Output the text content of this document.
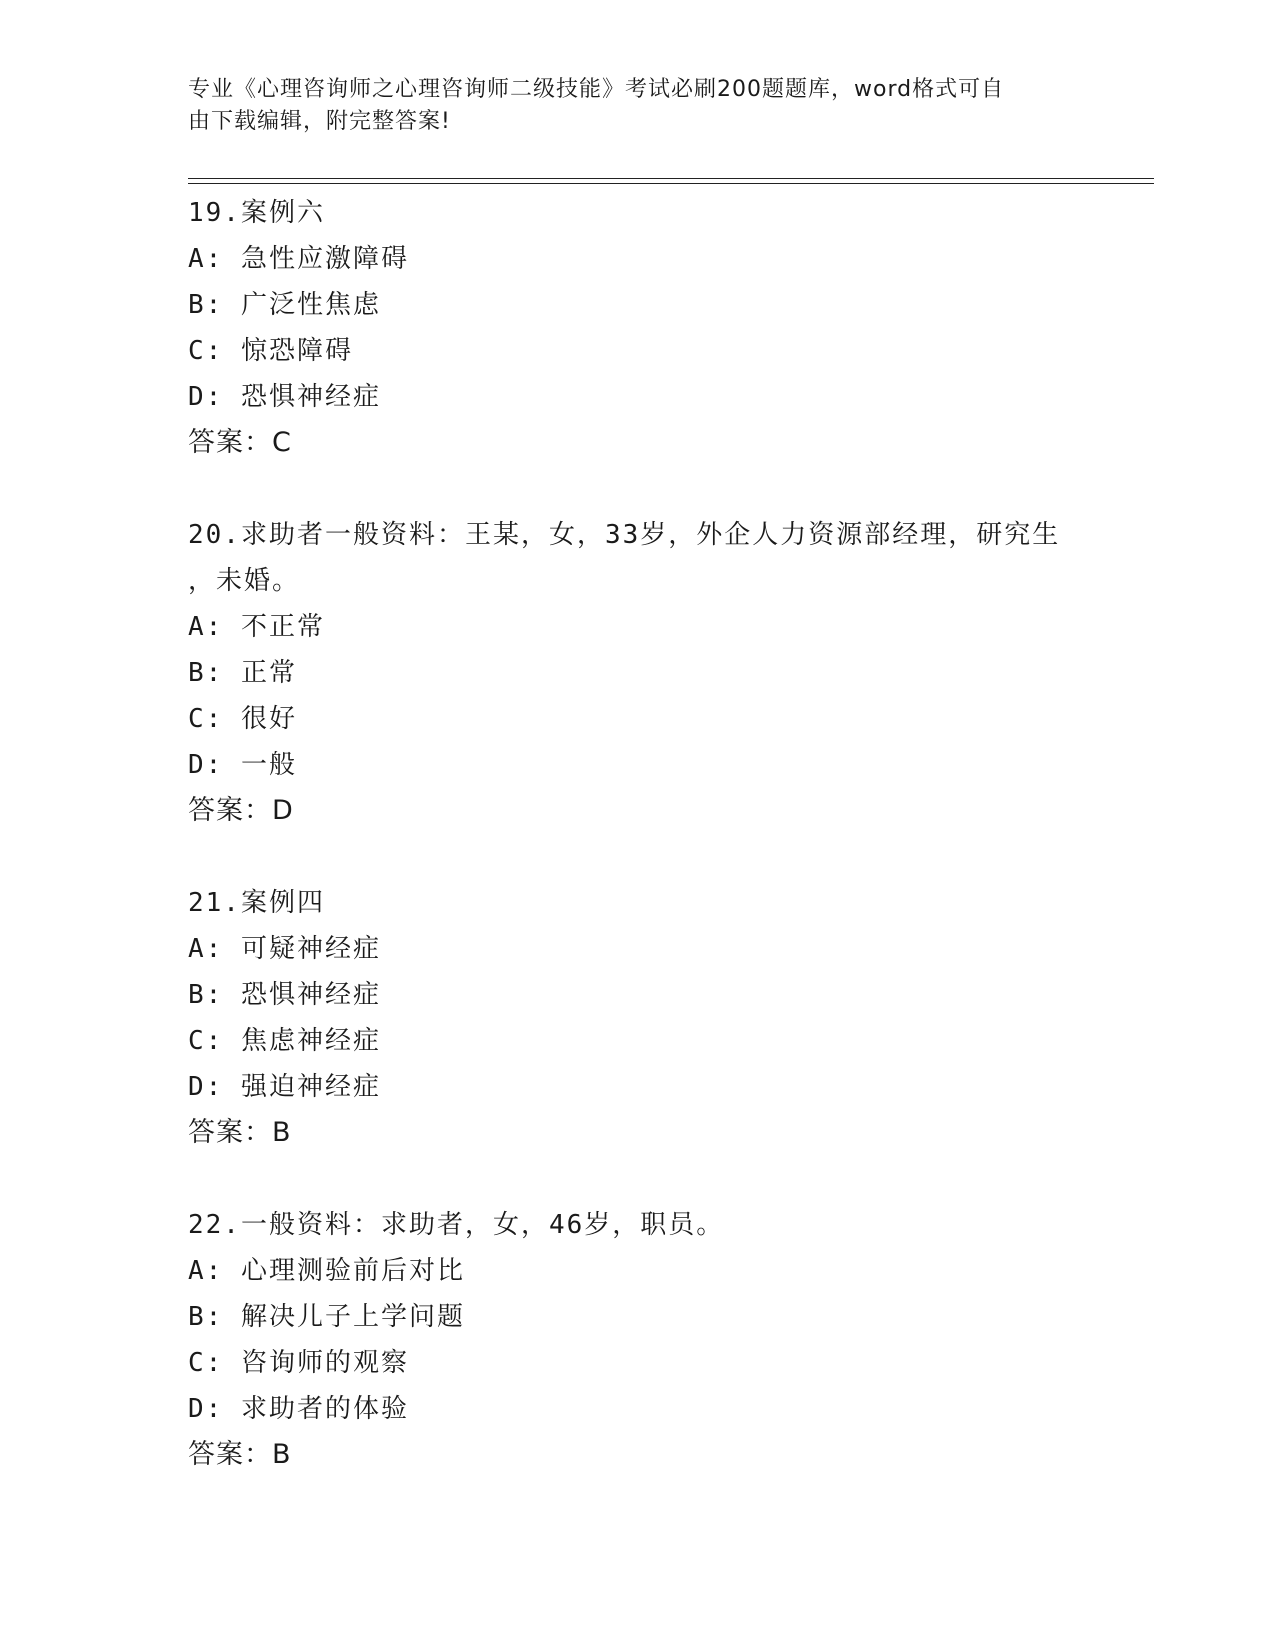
专业《心理咨询师之心理咨询师二级技能》考试必刷200题题库，word格式可自
由下载编辑，附完整答案!
19.案例六
A: 急性应激障碍
B: 广泛性焦虑
C: 惊恐障碍
D: 恐惧神经症
答案：C
20.求助者一般资料：王某，女，33岁，外企人力资源部经理，研究生
，未婚。
A: 不正常
B: 正常
C: 很好
D: 一般
答案：D
21.案例四
A: 可疑神经症
B: 恐惧神经症
C: 焦虑神经症
D: 强迫神经症
答案：B
22.一般资料：求助者，女，46岁，职员。
A: 心理测验前后对比
B: 解决儿子上学问题
C: 咨询师的观察
D: 求助者的体验
答案：B
